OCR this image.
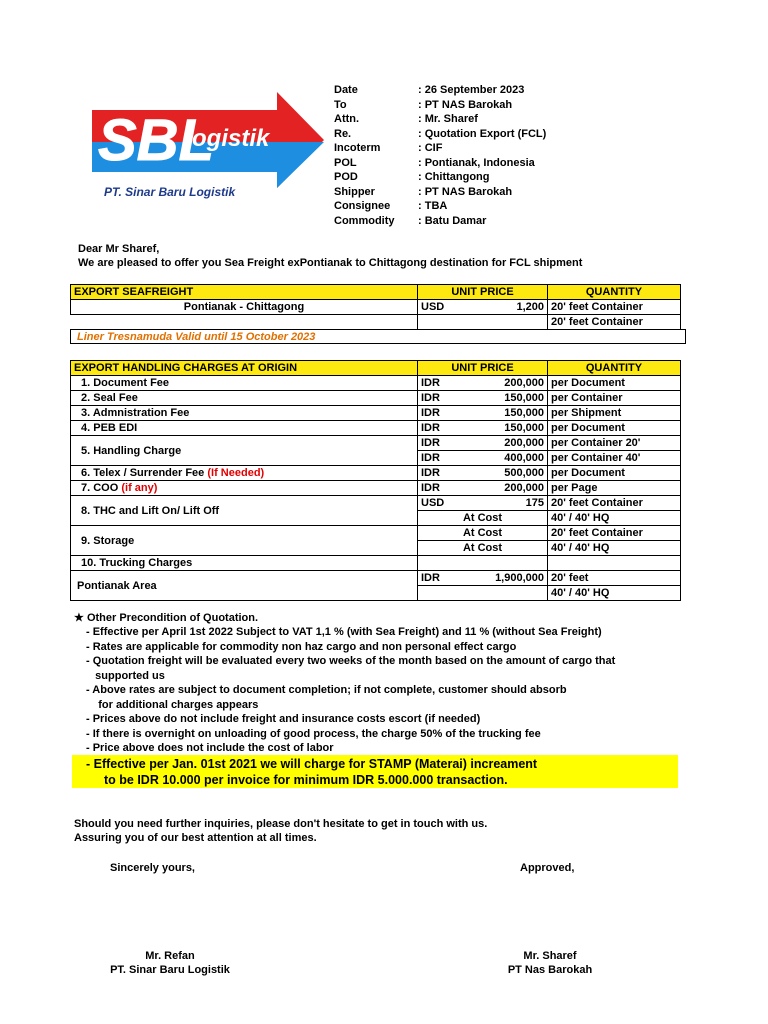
SBL
ogistik
PT. Sinar Baru Logistik
Date	: 26 September 2023
To	: PT NAS Barokah
Attn.	: Mr. Sharef
Re.	: Quotation Export (FCL)
Incoterm	: CIF
POL	: Pontianak, Indonesia
POD	: Chittangong
Shipper	: PT NAS Barokah
Consignee	: TBA
Commodity : Batu Damar
Dear Mr Sharef,
We are pleased to offer you Sea Freight exPontianak to Chittagong destination for FCL shipment
EXPORT SEAFREIGHT	UNIT PRICE		QUANTITY
Pontianak - Chittagong	USD	1,200	20' feet Container
			20' feet Container
Liner Tresnamuda Valid until 15 October 2023
EXPORT HANDLING CHARGES AT ORIGIN	UNIT PRICE		QUANTITY
1. Document Fee	IDR	200,000	per Document
2. Seal Fee	IDR	150,000	per Container
3. Admnistration Fee	IDR	150,000	per Shipment
4. PEB EDI	IDR	150,000	per Document
5. Handling Charge	IDR	200,000	per Container 20'
	IDR	400,000	per Container 40'
6. Telex / Surrender Fee (If Needed)	IDR	500,000	per Document
7. COO (if any)	IDR	200,000	per Page
8. THC and Lift On/ Lift Off	USD	175	20' feet Container
	At Cost		40' / 40' HQ
9. Storage	At Cost		20' feet Container
	At Cost		40' / 40' HQ
10. Trucking Charges			
Pontianak Area	IDR	1,900,000	20' feet
			40' / 40' HQ
★ Other Precondition of Quotation.
- Effective per April 1st 2022 Subject to VAT 1,1 % (with Sea Freight) and 11 % (without Sea Freight)
- Rates are applicable for commodity non haz cargo and non personal effect cargo
- Quotation freight will be evaluated every two weeks of the month based on the amount of cargo that
supported us
- Above rates are subject to document completion; if not complete, customer should absorb
for additional charges appears
- Prices above do not include freight and insurance costs escort (if needed)
- If there is overnight on unloading of good process, the charge 50% of the trucking fee
- Price above does not include the cost of labor
- Effective per Jan. 01st 2021 we will charge for STAMP (Materai) increament
to be IDR 10.000 per invoice for minimum IDR 5.000.000 transaction.
Should you need further inquiries, please don't hesitate to get in touch with us.
Assuring you of our best attention at all times.
Sincerely yours,	Approved,
Mr. Refan
PT. Sinar Baru Logistik
Mr. Sharef
PT Nas Barokah
